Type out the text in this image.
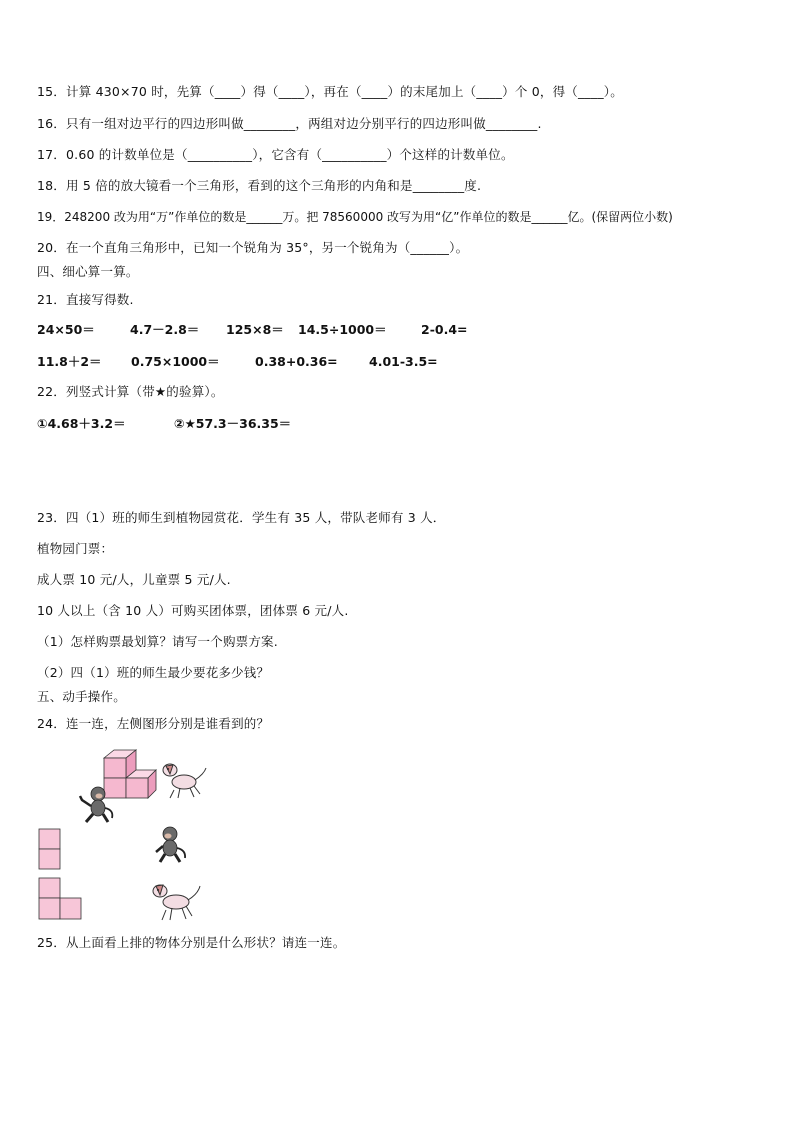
15．计算 430×70 时，先算（____）得（____），再在（____）的末尾加上（____）个 0，得（____）。
16．只有一组对边平行的四边形叫做________，两组对边分别平行的四边形叫做________.
17．0.60 的计数单位是（__________），它含有（__________）个这样的计数单位。
18．用 5 倍的放大镜看一个三角形，看到的这个三角形的内角和是________度.
19．248200 改为用“万”作单位的数是______万。把 78560000 改写为用“亿”作单位的数是______亿。(保留两位小数)
20．在一个直角三角形中，已知一个锐角为 35°，另一个锐角为（______）。
四、细心算一算。
21．直接写得数.
24×50＝	4.7－2.8＝ 125×8＝ 14.5÷1000＝	2-0.4=
11.8＋2＝ 0.75×1000＝	0.38+0.36=	4.01-3.5=
22．列竖式计算（带★的验算）。
①4.68＋3.2＝	②★57.3－36.35＝
23．四（1）班的师生到植物园赏花．学生有 35 人，带队老师有 3 人．
植物园门票：
成人票 10 元/人，儿童票 5 元/人.
10 人以上（含 10 人）可购买团体票，团体票 6 元/人.
（1）怎样购票最划算？请写一个购票方案.
（2）四（1）班的师生最少要花多少钱？
五、动手操作。
24．连一连，左侧图形分别是谁看到的？
25．从上面看上排的物体分别是什么形状？请连一连。
